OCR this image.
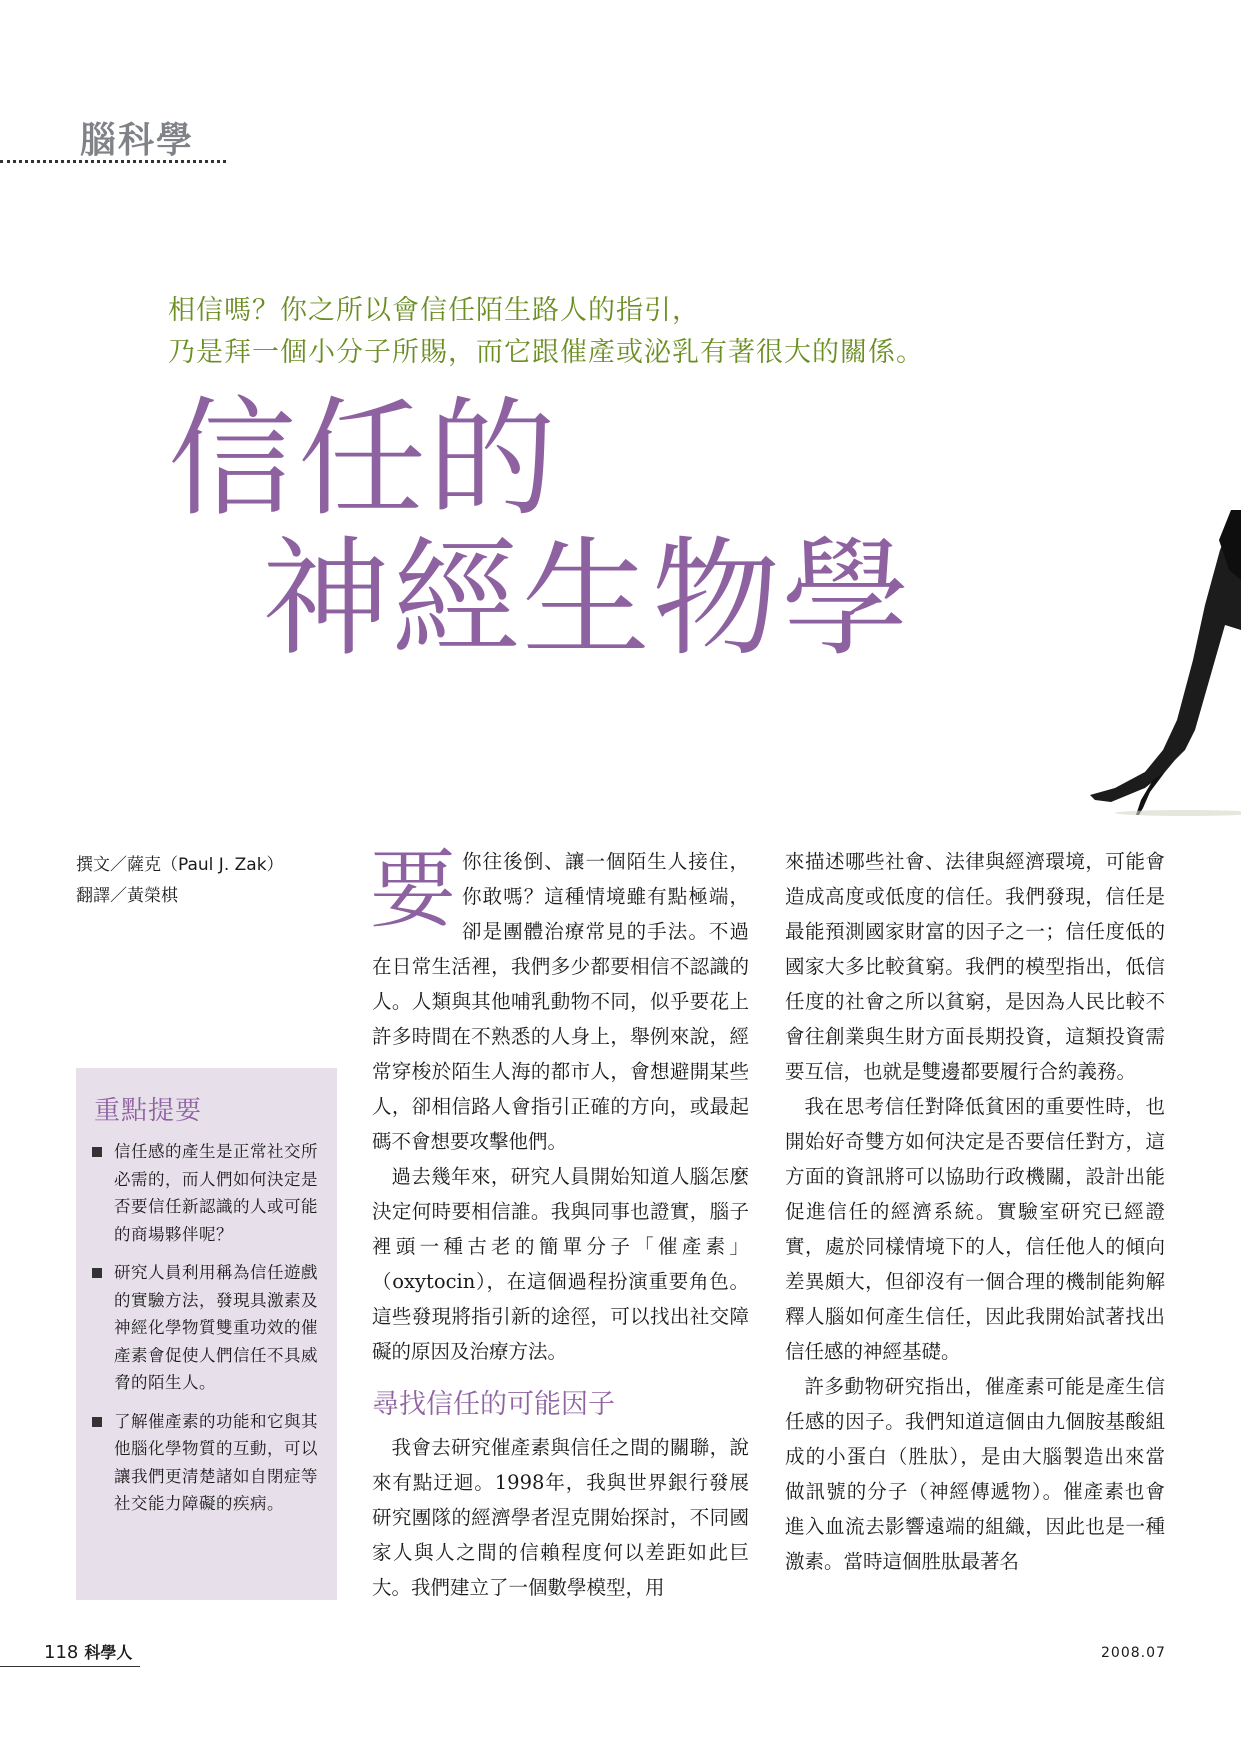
腦科學
相信嗎？你之所以會信任陌生路人的指引，
乃是拜一個小分子所賜，而它跟催產或泌乳有著很大的關係。
信任的
神經生物學
撰文／薩克（Paul J. Zak）
翻譯／黃榮棋
重點提要
信任感的產生是正常社交所必需的，而人們如何決定是否要信任新認識的人或可能的商場夥伴呢？
研究人員利用稱為信任遊戲的實驗方法，發現具激素及神經化學物質雙重功效的催產素會促使人們信任不具威脅的陌生人。
了解催產素的功能和它與其他腦化學物質的互動，可以讓我們更清楚諸如自閉症等社交能力障礙的疾病。

要你往後倒、讓一個陌生人接住，你敢嗎？這種情境雖有點極端，卻是團體治療常見的手法。不過在日常生活裡，我們多少都要相信不認識的人。人類與其他哺乳動物不同，似乎要花上許多時間在不熟悉的人身上，舉例來說，經常穿梭於陌生人海的都市人，會想避開某些人，卻相信路人會指引正確的方向，或最起碼不會想要攻擊他們。

過去幾年來，研究人員開始知道人腦怎麼決定何時要相信誰。我與同事也證實，腦子裡頭一種古老的簡單分子「催產素」（oxytocin），在這個過程扮演重要角色。這些發現將指引新的途徑，可以找出社交障礙的原因及治療方法。

尋找信任的可能因子

我會去研究催產素與信任之間的關聯，說來有點迂迴。1998年，我與世界銀行發展研究團隊的經濟學者涅克開始探討，不同國家人與人之間的信賴程度何以差距如此巨大。我們建立了一個數學模型，用

來描述哪些社會、法律與經濟環境，可能會造成高度或低度的信任。我們發現，信任是最能預測國家財富的因子之一；信任度低的國家大多比較貧窮。我們的模型指出，低信任度的社會之所以貧窮，是因為人民比較不會往創業與生財方面長期投資，這類投資需要互信，也就是雙邊都要履行合約義務。

我在思考信任對降低貧困的重要性時，也開始好奇雙方如何決定是否要信任對方，這方面的資訊將可以協助行政機關，設計出能促進信任的經濟系統。實驗室研究已經證實，處於同樣情境下的人，信任他人的傾向差異頗大，但卻沒有一個合理的機制能夠解釋人腦如何產生信任，因此我開始試著找出信任感的神經基礎。

許多動物研究指出，催產素可能是產生信任感的因子。我們知道這個由九個胺基酸組成的小蛋白（胜肽），是由大腦製造出來當做訊號的分子（神經傳遞物）。催產素也會進入血流去影響遠端的組織，因此也是一種激素。當時這個胜肽最著名

118 科學人	2008.07
